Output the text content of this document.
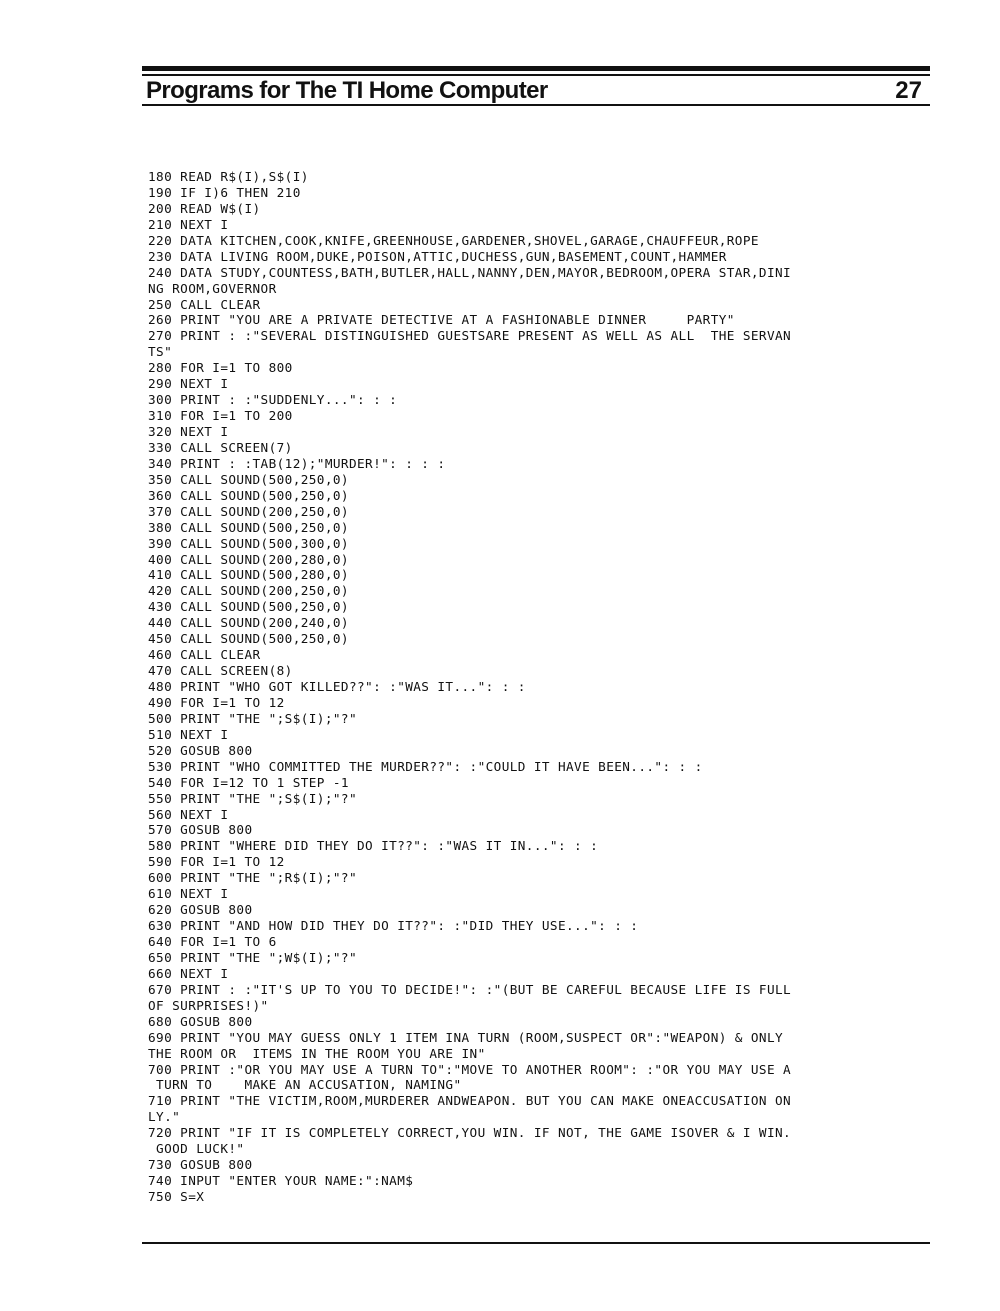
Programs for The TI Home Computer	27
180 READ R$(I),S$(I)
190 IF I)6 THEN 210
200 READ W$(I)
210 NEXT I
220 DATA KITCHEN,COOK,KNIFE,GREENHOUSE,GARDENER,SHOVEL,GARAGE,CHAUFFEUR,ROPE
230 DATA LIVING ROOM,DUKE,POISON,ATTIC,DUCHESS,GUN,BASEMENT,COUNT,HAMMER
240 DATA STUDY,COUNTESS,BATH,BUTLER,HALL,NANNY,DEN,MAYOR,BEDROOM,OPERA STAR,DINI
NG ROOM,GOVERNOR
250 CALL CLEAR
260 PRINT "YOU ARE A PRIVATE DETECTIVE AT A FASHIONABLE DINNER     PARTY"
270 PRINT : :"SEVERAL DISTINGUISHED GUESTSARE PRESENT AS WELL AS ALL  THE SERVAN
TS"
280 FOR I=1 TO 800
290 NEXT I
300 PRINT : :"SUDDENLY...": : :
310 FOR I=1 TO 200
320 NEXT I
330 CALL SCREEN(7)
340 PRINT : :TAB(12);"MURDER!": : : :
350 CALL SOUND(500,250,0)
360 CALL SOUND(500,250,0)
370 CALL SOUND(200,250,0)
380 CALL SOUND(500,250,0)
390 CALL SOUND(500,300,0)
400 CALL SOUND(200,280,0)
410 CALL SOUND(500,280,0)
420 CALL SOUND(200,250,0)
430 CALL SOUND(500,250,0)
440 CALL SOUND(200,240,0)
450 CALL SOUND(500,250,0)
460 CALL CLEAR
470 CALL SCREEN(8)
480 PRINT "WHO GOT KILLED??": :"WAS IT...": : :
490 FOR I=1 TO 12
500 PRINT "THE ";S$(I);"?"
510 NEXT I
520 GOSUB 800
530 PRINT "WHO COMMITTED THE MURDER??": :"COULD IT HAVE BEEN...": : :
540 FOR I=12 TO 1 STEP -1
550 PRINT "THE ";S$(I);"?"
560 NEXT I
570 GOSUB 800
580 PRINT "WHERE DID THEY DO IT??": :"WAS IT IN...": : :
590 FOR I=1 TO 12
600 PRINT "THE ";R$(I);"?"
610 NEXT I
620 GOSUB 800
630 PRINT "AND HOW DID THEY DO IT??": :"DID THEY USE...": : :
640 FOR I=1 TO 6
650 PRINT "THE ";W$(I);"?"
660 NEXT I
670 PRINT : :"IT'S UP TO YOU TO DECIDE!": :"(BUT BE CAREFUL BECAUSE LIFE IS FULL
OF SURPRISES!)"
680 GOSUB 800
690 PRINT "YOU MAY GUESS ONLY 1 ITEM INA TURN (ROOM,SUSPECT OR":"WEAPON) & ONLY
THE ROOM OR  ITEMS IN THE ROOM YOU ARE IN"
700 PRINT :"OR YOU MAY USE A TURN TO":"MOVE TO ANOTHER ROOM": :"OR YOU MAY USE A
TURN TO    MAKE AN ACCUSATION, NAMING"
710 PRINT "THE VICTIM,ROOM,MURDERER ANDWEAPON. BUT YOU CAN MAKE ONEACCUSATION ON
LY."
720 PRINT "IF IT IS COMPLETELY CORRECT,YOU WIN. IF NOT, THE GAME ISOVER & I WIN.
GOOD LUCK!"
730 GOSUB 800
740 INPUT "ENTER YOUR NAME:":NAM$
750 S=X
